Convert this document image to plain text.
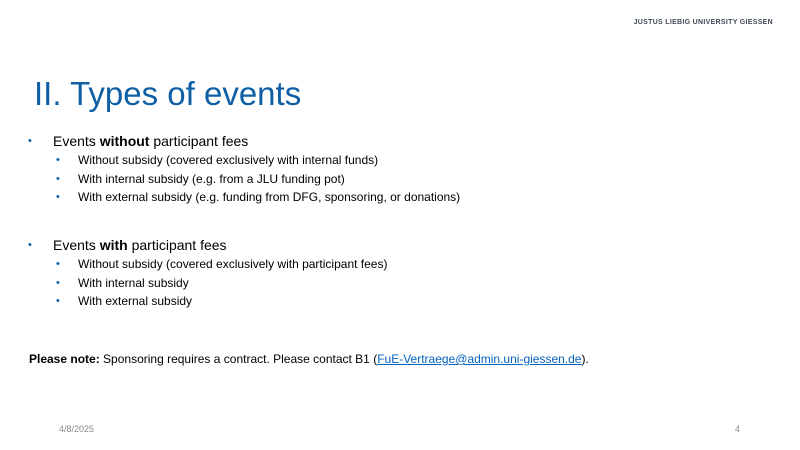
JUSTUS LIEBIG UNIVERSITY GIESSEN
II. Types of events
• Events without participant fees
• Without subsidy (covered exclusively with internal funds)
• With internal subsidy (e.g. from a JLU funding pot)
• With external subsidy (e.g. funding from DFG, sponsoring, or donations)
• Events with participant fees
• Without subsidy (covered exclusively with participant fees)
• With internal subsidy
• With external subsidy
Please note: Sponsoring requires a contract. Please contact B1 (FuE-Vertraege@admin.uni-giessen.de).
4/8/2025	4
